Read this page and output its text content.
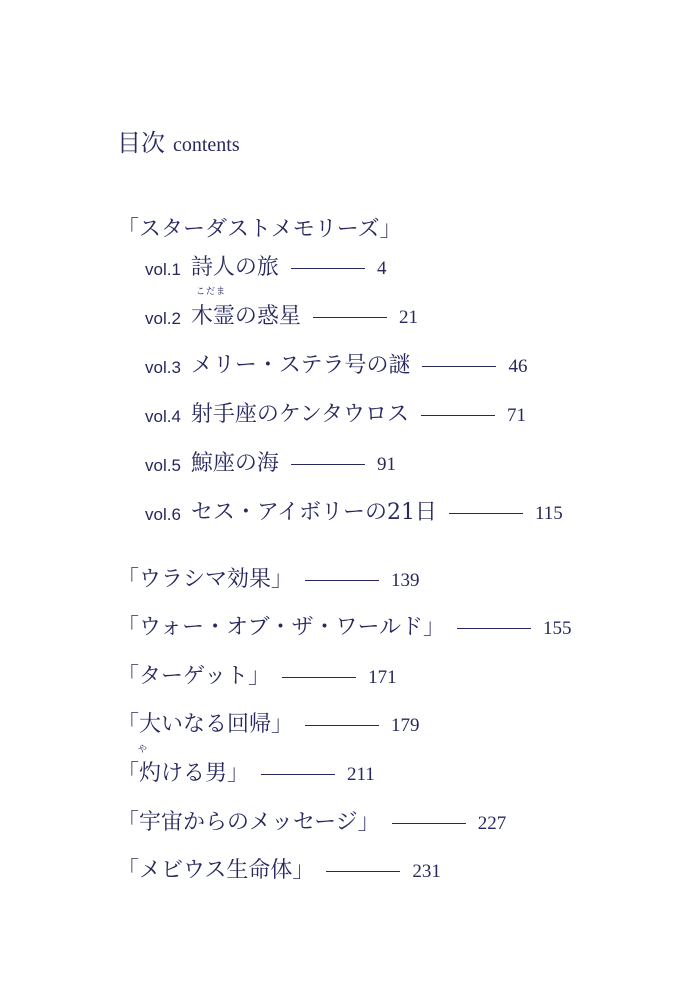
目次 contents
「スターダストメモリーズ」
vol.1 詩人の旅	4
こだま
vol.2 木霊の惑星	21
vol.3 メリー・ステラ号の謎	46
vol.4 射手座のケンタウロス	71
vol.5 鯨座の海	91
vol.6 セス・アイボリーの21日	115
「ウラシマ効果」	139
「ウォー・オブ・ザ・ワールド」	155
「ターゲット」	171
「大いなる回帰」	179
や
「灼ける男」	211
「宇宙からのメッセージ」	227
「メビウス生命体」	231
